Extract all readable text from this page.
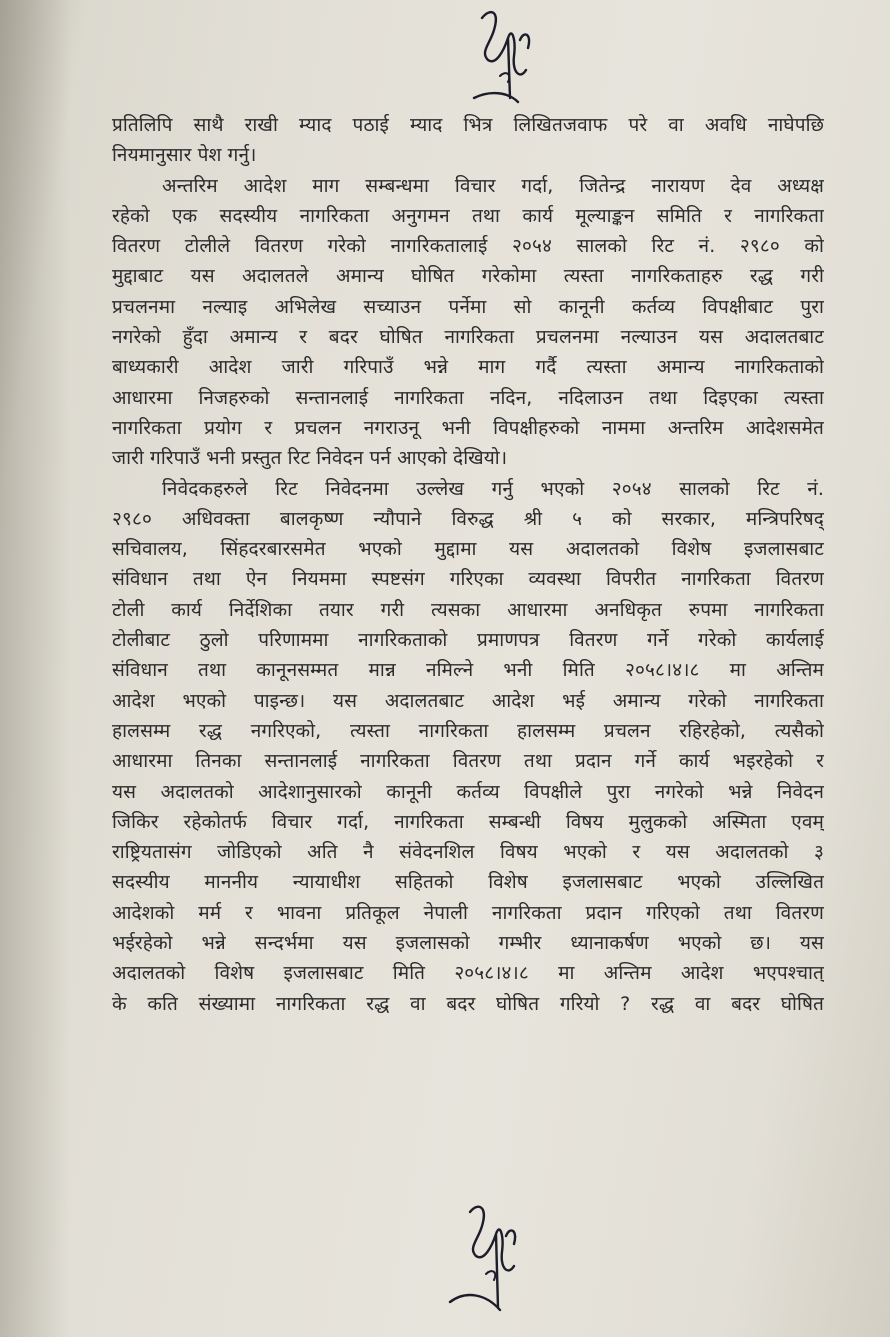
प्रतिलिपि साथै राखी म्याद पठाई म्याद भित्र लिखितजवाफ परे वा अवधि नाघेपछि
नियमानुसार पेश गर्नु।

अन्तरिम आदेश माग सम्बन्धमा विचार गर्दा, जितेन्द्र नारायण देव अध्यक्ष
रहेको एक सदस्यीय नागरिकता अनुगमन तथा कार्य मूल्याङ्कन समिति र नागरिकता
वितरण टोलीले वितरण गरेको नागरिकतालाई २०५४ सालको रिट नं. २९८० को
मुद्दाबाट यस अदालतले अमान्य घोषित गरेकोमा त्यस्ता नागरिकताहरु रद्ध गरी
प्रचलनमा नल्याइ अभिलेख सच्याउन पर्नेमा सो कानूनी कर्तव्य विपक्षीबाट पुरा
नगरेको हुँदा अमान्य र बदर घोषित नागरिकता प्रचलनमा नल्याउन यस अदालतबाट
बाध्यकारी आदेश जारी गरिपाउँ भन्ने माग गर्दै त्यस्ता अमान्य नागरिकताको
आधारमा निजहरुको सन्तानलाई नागरिकता नदिन, नदिलाउन तथा दिइएका त्यस्ता
नागरिकता प्रयोग र प्रचलन नगराउनू भनी विपक्षीहरुको नाममा अन्तरिम आदेशसमेत
जारी गरिपाउँ भनी प्रस्तुत रिट निवेदन पर्न आएको देखियो।

निवेदकहरुले रिट निवेदनमा उल्लेख गर्नु भएको २०५४ सालको रिट नं.
२९८० अधिवक्ता बालकृष्ण न्यौपाने विरुद्ध श्री ५ को सरकार, मन्त्रिपरिषद्
सचिवालय, सिंहदरबारसमेत भएको मुद्दामा यस अदालतको विशेष इजलासबाट
संविधान तथा ऐन नियममा स्पष्टसंग गरिएका व्यवस्था विपरीत नागरिकता वितरण
टोली कार्य निर्देशिका तयार गरी त्यसका आधारमा अनधिकृत रुपमा नागरिकता
टोलीबाट ठुलो परिणाममा नागरिकताको प्रमाणपत्र वितरण गर्ने गरेको कार्यलाई
संविधान तथा कानूनसम्मत मान्न नमिल्ने भनी मिति २०५८।४।८ मा अन्तिम
आदेश भएको पाइन्छ। यस अदालतबाट आदेश भई अमान्य गरेको नागरिकता
हालसम्म रद्ध नगरिएको, त्यस्ता नागरिकता हालसम्म प्रचलन रहिरहेको, त्यसैको
आधारमा तिनका सन्तानलाई नागरिकता वितरण तथा प्रदान गर्ने कार्य भइरहेको र
यस अदालतको आदेशानुसारको कानूनी कर्तव्य विपक्षीले पुरा नगरेको भन्ने निवेदन
जिकिर रहेकोतर्फ विचार गर्दा, नागरिकता सम्बन्धी विषय मुलुकको अस्मिता एवम्
राष्ट्रियतासंग जोडिएको अति नै संवेदनशिल विषय भएको र यस अदालतको ३
सदस्यीय माननीय न्यायाधीश सहितको विशेष इजलासबाट भएको उल्लिखित
आदेशको मर्म र भावना प्रतिकूल नेपाली नागरिकता प्रदान गरिएको तथा वितरण
भईरहेको भन्ने सन्दर्भमा यस इजलासको गम्भीर ध्यानाकर्षण भएको छ। यस
अदालतको विशेष इजलासबाट मिति २०५८।४।८ मा अन्तिम आदेश भएपश्चात्
के कति संख्यामा नागरिकता रद्ध वा बदर घोषित गरियो ? रद्ध वा बदर घोषित
